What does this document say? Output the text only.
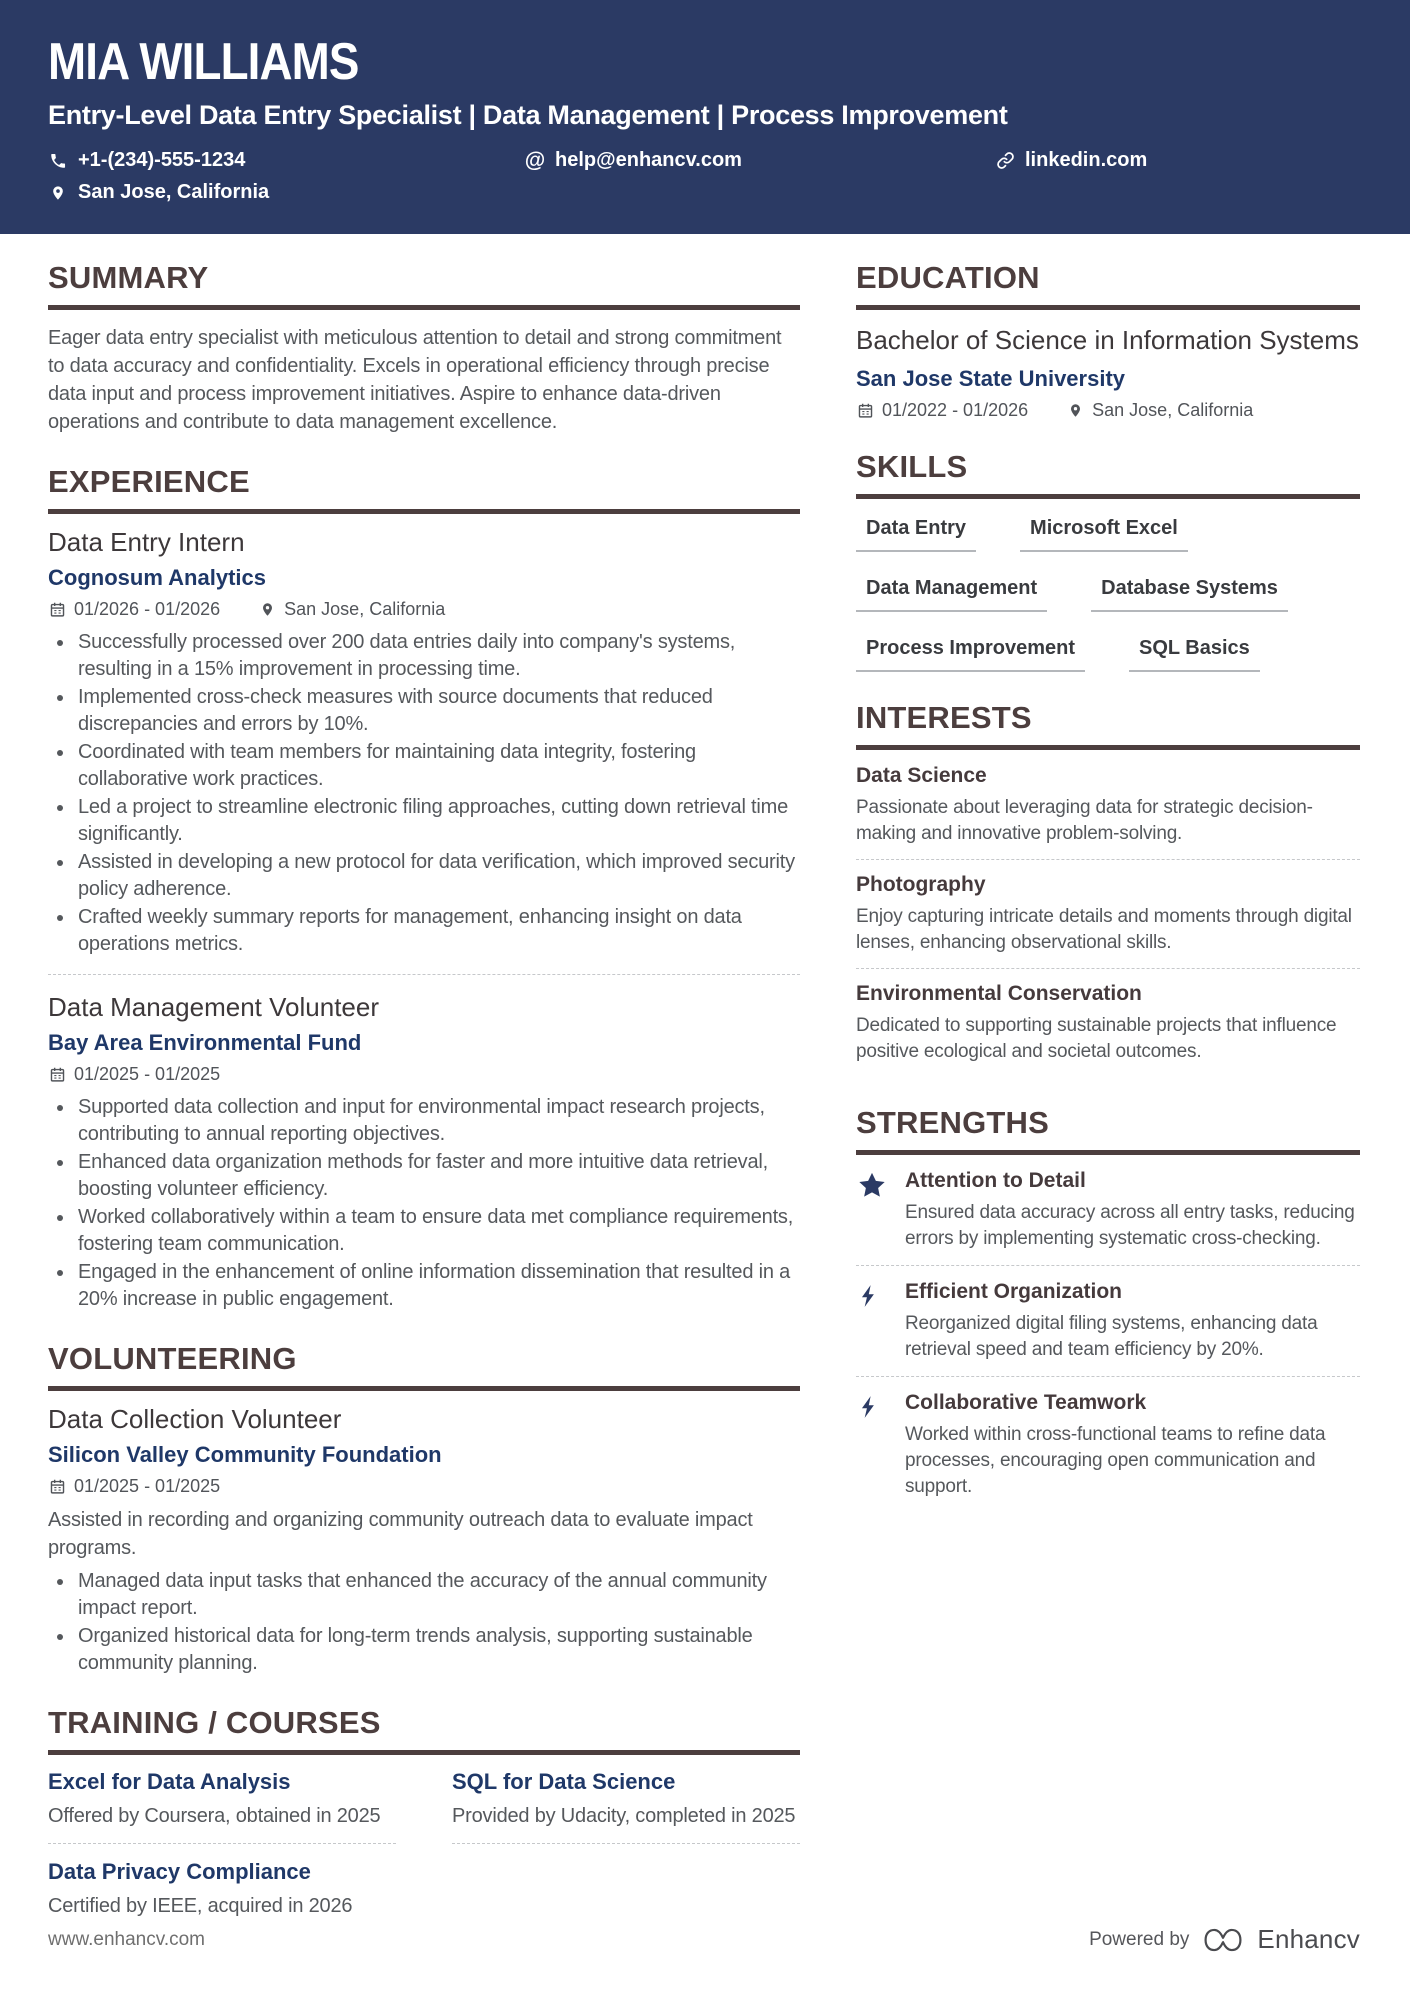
MIA WILLIAMS
Entry-Level Data Entry Specialist | Data Management | Process Improvement
+1-(234)-555-1234	@ help@enhancv.com	linkedin.com
San Jose, California
SUMMARY

Eager data entry specialist with meticulous attention to detail and strong commitment to data accuracy and confidentiality. Excels in operational efficiency through precise data input and process improvement initiatives. Aspire to enhance data-driven operations and contribute to data management excellence.

EXPERIENCE
Data Entry Intern
Cognosum Analytics
01/2026 - 01/2026	San Jose, California
• Successfully processed over 200 data entries daily into company's systems, resulting in a 15% improvement in processing time.
• Implemented cross-check measures with source documents that reduced discrepancies and errors by 10%.
• Coordinated with team members for maintaining data integrity, fostering collaborative work practices.
• Led a project to streamline electronic filing approaches, cutting down retrieval time significantly.
• Assisted in developing a new protocol for data verification, which improved security policy adherence.
• Crafted weekly summary reports for management, enhancing insight on data operations metrics.
Data Management Volunteer
Bay Area Environmental Fund
01/2025 - 01/2025
• Supported data collection and input for environmental impact research projects, contributing to annual reporting objectives.
• Enhanced data organization methods for faster and more intuitive data retrieval, boosting volunteer efficiency.
• Worked collaboratively within a team to ensure data met compliance requirements, fostering team communication.
• Engaged in the enhancement of online information dissemination that resulted in a 20% increase in public engagement.
VOLUNTEERING
Data Collection Volunteer
Silicon Valley Community Foundation
01/2025 - 01/2025

Assisted in recording and organizing community outreach data to evaluate impact programs.

• Managed data input tasks that enhanced the accuracy of the annual community impact report.
• Organized historical data for long-term trends analysis, supporting sustainable community planning.
TRAINING / COURSES
Excel for Data Analysis

Offered by Coursera, obtained in 2025

SQL for Data Science

Provided by Udacity, completed in 2025

Data Privacy Compliance

Certified by IEEE, acquired in 2026

EDUCATION
Bachelor of Science in Information Systems
San Jose State University
01/2022 - 01/2026	San Jose, California
SKILLS
Data Entry	Microsoft Excel
Data Management	Database Systems
Process Improvement	SQL Basics
INTERESTS
Data Science

Passionate about leveraging data for strategic decision-making and innovative problem-solving.

Photography

Enjoy capturing intricate details and moments through digital lenses, enhancing observational skills.

Environmental Conservation

Dedicated to supporting sustainable projects that influence positive ecological and societal outcomes.

STRENGTHS
Attention to Detail

Ensured data accuracy across all entry tasks, reducing errors by implementing systematic cross-checking.

Efficient Organization

Reorganized digital filing systems, enhancing data retrieval speed and team efficiency by 20%.

Collaborative Teamwork

Worked within cross-functional teams to refine data processes, encouraging open communication and support.

www.enhancv.com	Powered by	Enhancv
